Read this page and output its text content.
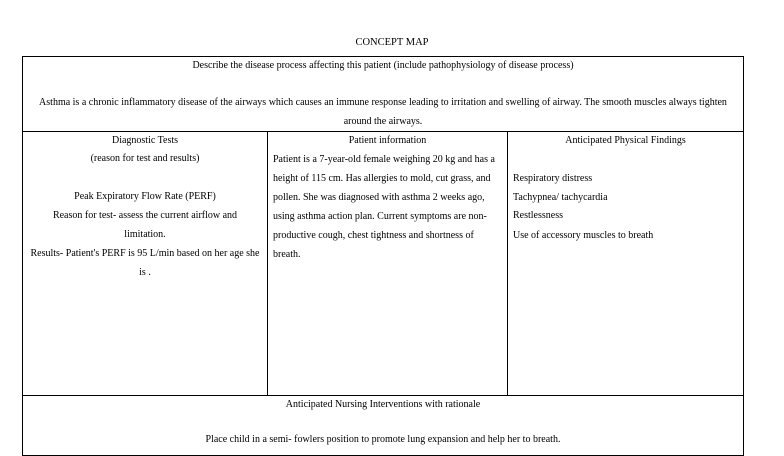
CONCEPT MAP
Describe the disease process affecting this patient (include pathophysiology of disease process)
Asthma is a chronic inflammatory disease of the airways which causes an immune response leading to irritation and swelling of airway. The smooth muscles always tighten around the airways.
Diagnostic Tests
(reason for test and results)
Peak Expiratory Flow Rate (PERF)
Reason for test- assess the current airflow and limitation.
Results- Patient's PERF is 95 L/min based on her age she is .
Patient information
Patient is a 7-year-old female weighing 20 kg and has a height of 115 cm. Has allergies to mold, cut grass, and pollen. She was diagnosed with asthma 2 weeks ago, using asthma action plan. Current symptoms are non-productive cough, chest tightness and shortness of breath.
Anticipated Physical Findings
Respiratory distress
Tachypnea/ tachycardia
Restlessness
Use of accessory muscles to breath
Anticipated Nursing Interventions with rationale
Place child in a semi- fowlers position to promote lung expansion and help her to breath.
